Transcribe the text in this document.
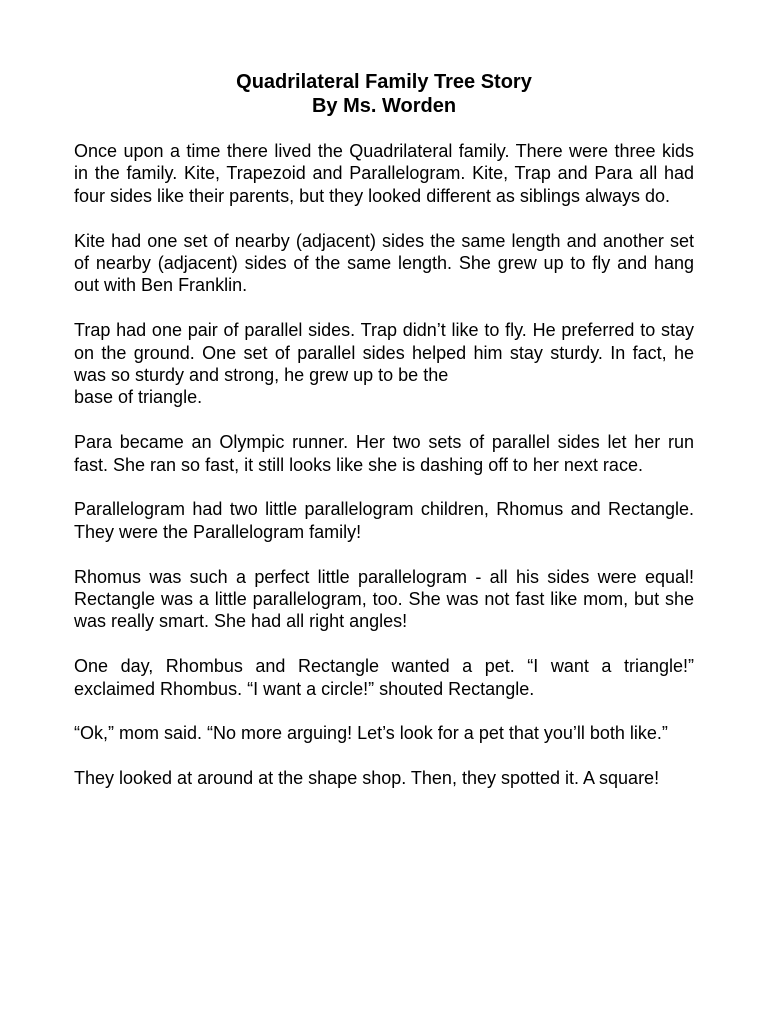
Quadrilateral Family Tree Story

By Ms. Worden

Once upon a time there lived the Quadrilateral family. There were three kids in the family. Kite, Trapezoid and Parallelogram. Kite, Trap and Para all had four sides like their parents, but they looked different as siblings always do.

Kite had one set of nearby (adjacent) sides the same length and another set of nearby (adjacent) sides of the same length. She grew up to fly and hang out with Ben Franklin.

Trap had one pair of parallel sides. Trap didn’t like to fly. He preferred to stay on the ground. One set of parallel sides helped him stay sturdy. In fact, he was so sturdy and strong, he grew up to be the
base of triangle.

Para became an Olympic runner. Her two sets of parallel sides let her run fast. She ran so fast, it still looks like she is dashing off to her next race.

Parallelogram had two little parallelogram children, Rhomus and Rectangle. They were the Parallelogram family!

Rhomus was such a perfect little parallelogram - all his sides were equal! Rectangle was a little parallelogram, too. She was not fast like mom, but she was really smart. She had all right angles!

One day, Rhombus and Rectangle wanted a pet. “I want a triangle!” exclaimed Rhombus. “I want a circle!” shouted Rectangle.

“Ok,” mom said. “No more arguing! Let’s look for a pet that you’ll both like.”

They looked at around at the shape shop. Then, they spotted it. A square!
